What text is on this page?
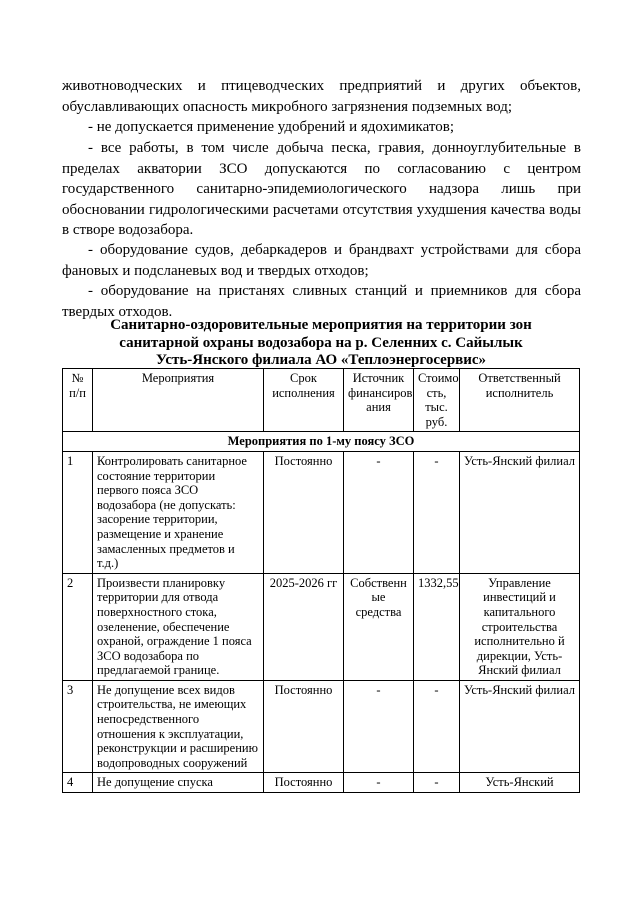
животноводческих и птицеводческих предприятий и других объектов, обуславливающих опасность микробного загрязнения подземных вод;

- не допускается применение удобрений и ядохимикатов;

- все работы, в том числе добыча песка, гравия, донноуглубительные в пределах акватории ЗСО допускаются по согласованию с центром государственного санитарно-эпидемиологического надзора лишь при обосновании гидрологическими расчетами отсутствия ухудшения качества воды в створе водозабора.

- оборудование судов, дебаркадеров и брандвахт устройствами для сбора фановых и подсланевых вод и твердых отходов;

- оборудование на пристанях сливных станций и приемников для сбора твердых отходов.

Санитарно-оздоровительные мероприятия на территории зон
санитарной охраны водозабора на р. Селенних с. Сайылык
Усть-Янского филиала АО «Теплоэнергосервис»
№ п/п	Мероприятия	Срок исполнения	Источник финансиров ания	Стоимо сть, тыс. руб.	Ответственный исполнитель
Мероприятия по 1-му поясу ЗСО					
1	Контролировать санитарное состояние территории первого пояса ЗСО водозабора (не допускать: засорение территории, размещение и хранение замасленных предметов и т.д.)	Постоянно	-	-	Усть-Янский филиал
2	Произвести планировку территории для отвода поверхностного стока, озеленение, обеспечение охраной, ограждение 1 пояса ЗСО водозабора по предлагаемой границе.	2025-2026 гг	Собственн ые средства	1332,55	Управление инвестиций и капитального строительства исполнительно й дирекции, Усть-Янский филиал
3	Не допущение всех видов строительства, не имеющих непосредственного отношения к эксплуатации, реконструкции и расширению водопроводных сооружений	Постоянно	-	-	Усть-Янский филиал
4	Не допущение спуска	Постоянно	-	-	Усть-Янский
